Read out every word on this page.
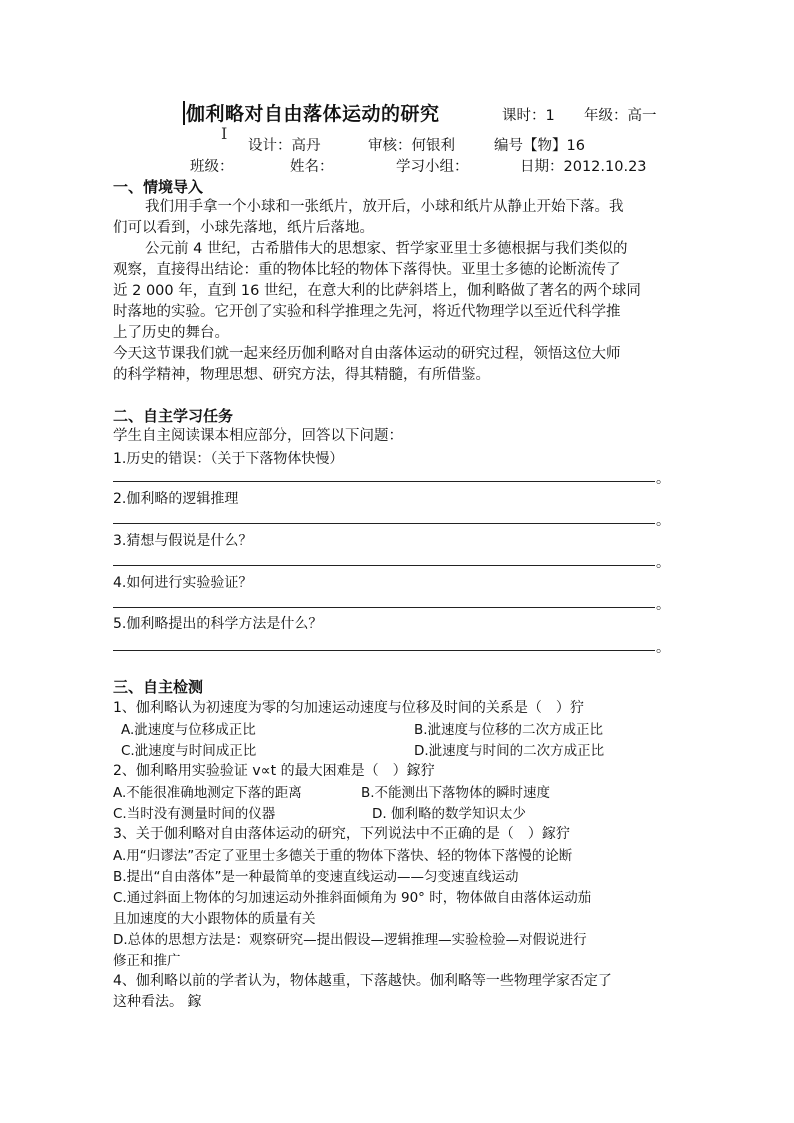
伽利略对自由落体运动的研究	课时：1 年级：高一
I
设计：高丹	审核：何银利	编号【物】16
班级：	姓名：	学习小组：	日期：2012.10.23
一、情境导入
我们用手拿一个小球和一张纸片，放开后，小球和纸片从静止开始下落。我
们可以看到，小球先落地，纸片后落地。
公元前 4 世纪，古希腊伟大的思想家、哲学家亚里士多德根据与我们类似的
观察，直接得出结论：重的物体比轻的物体下落得快。亚里士多德的论断流传了
近 2 000 年，直到 16 世纪，在意大利的比萨斜塔上，伽利略做了著名的两个球同
时落地的实验。它开创了实验和科学推理之先河，将近代物理学以至近代科学推
上了历史的舞台。
今天这节课我们就一起来经历伽利略对自由落体运动的研究过程，领悟这位大师
的科学精神，物理思想、研究方法，得其精髓，有所借鉴。
二、自主学习任务
学生自主阅读课本相应部分，回答以下问题：
1.历史的错误：（关于下落物体快慢）
。
2.伽利略的逻辑推理
。
3.猜想与假说是什么？
。
4.如何进行实验验证？
。
5.伽利略提出的科学方法是什么？
。
三、自主检测
1、伽利略认为初速度为零的匀加速运动速度与位移及时间的关系是（　）狞
A.泚速度与位移成正比	B.泚速度与位移的二次方成正比
C.泚速度与时间成正比	D.泚速度与时间的二次方成正比
2、伽利略用实验验证 v∝t 的最大困难是（　）鎵狞
A.不能很准确地测定下落的距离	B.不能测出下落物体的瞬时速度
C.当时没有测量时间的仪器	D. 伽利略的数学知识太少
3、关于伽利略对自由落体运动的研究，下列说法中不正确的是（　）鎵狞
A.用“归谬法”否定了亚里士多德关于重的物体下落快、轻的物体下落慢的论断
B.提出“自由落体”是一种最简单的变速直线运动——匀变速直线运动
C.通过斜面上物体的匀加速运动外推斜面倾角为 90° 时，物体做自由落体运动茄
且加速度的大小跟物体的质量有关
D.总体的思想方法是：观察研究—提出假设—逻辑推理—实验检验—对假说进行
修正和推广
4、伽利略以前的学者认为，物体越重，下落越快。伽利略等一些物理学家否定了
这种看法。 鎵
